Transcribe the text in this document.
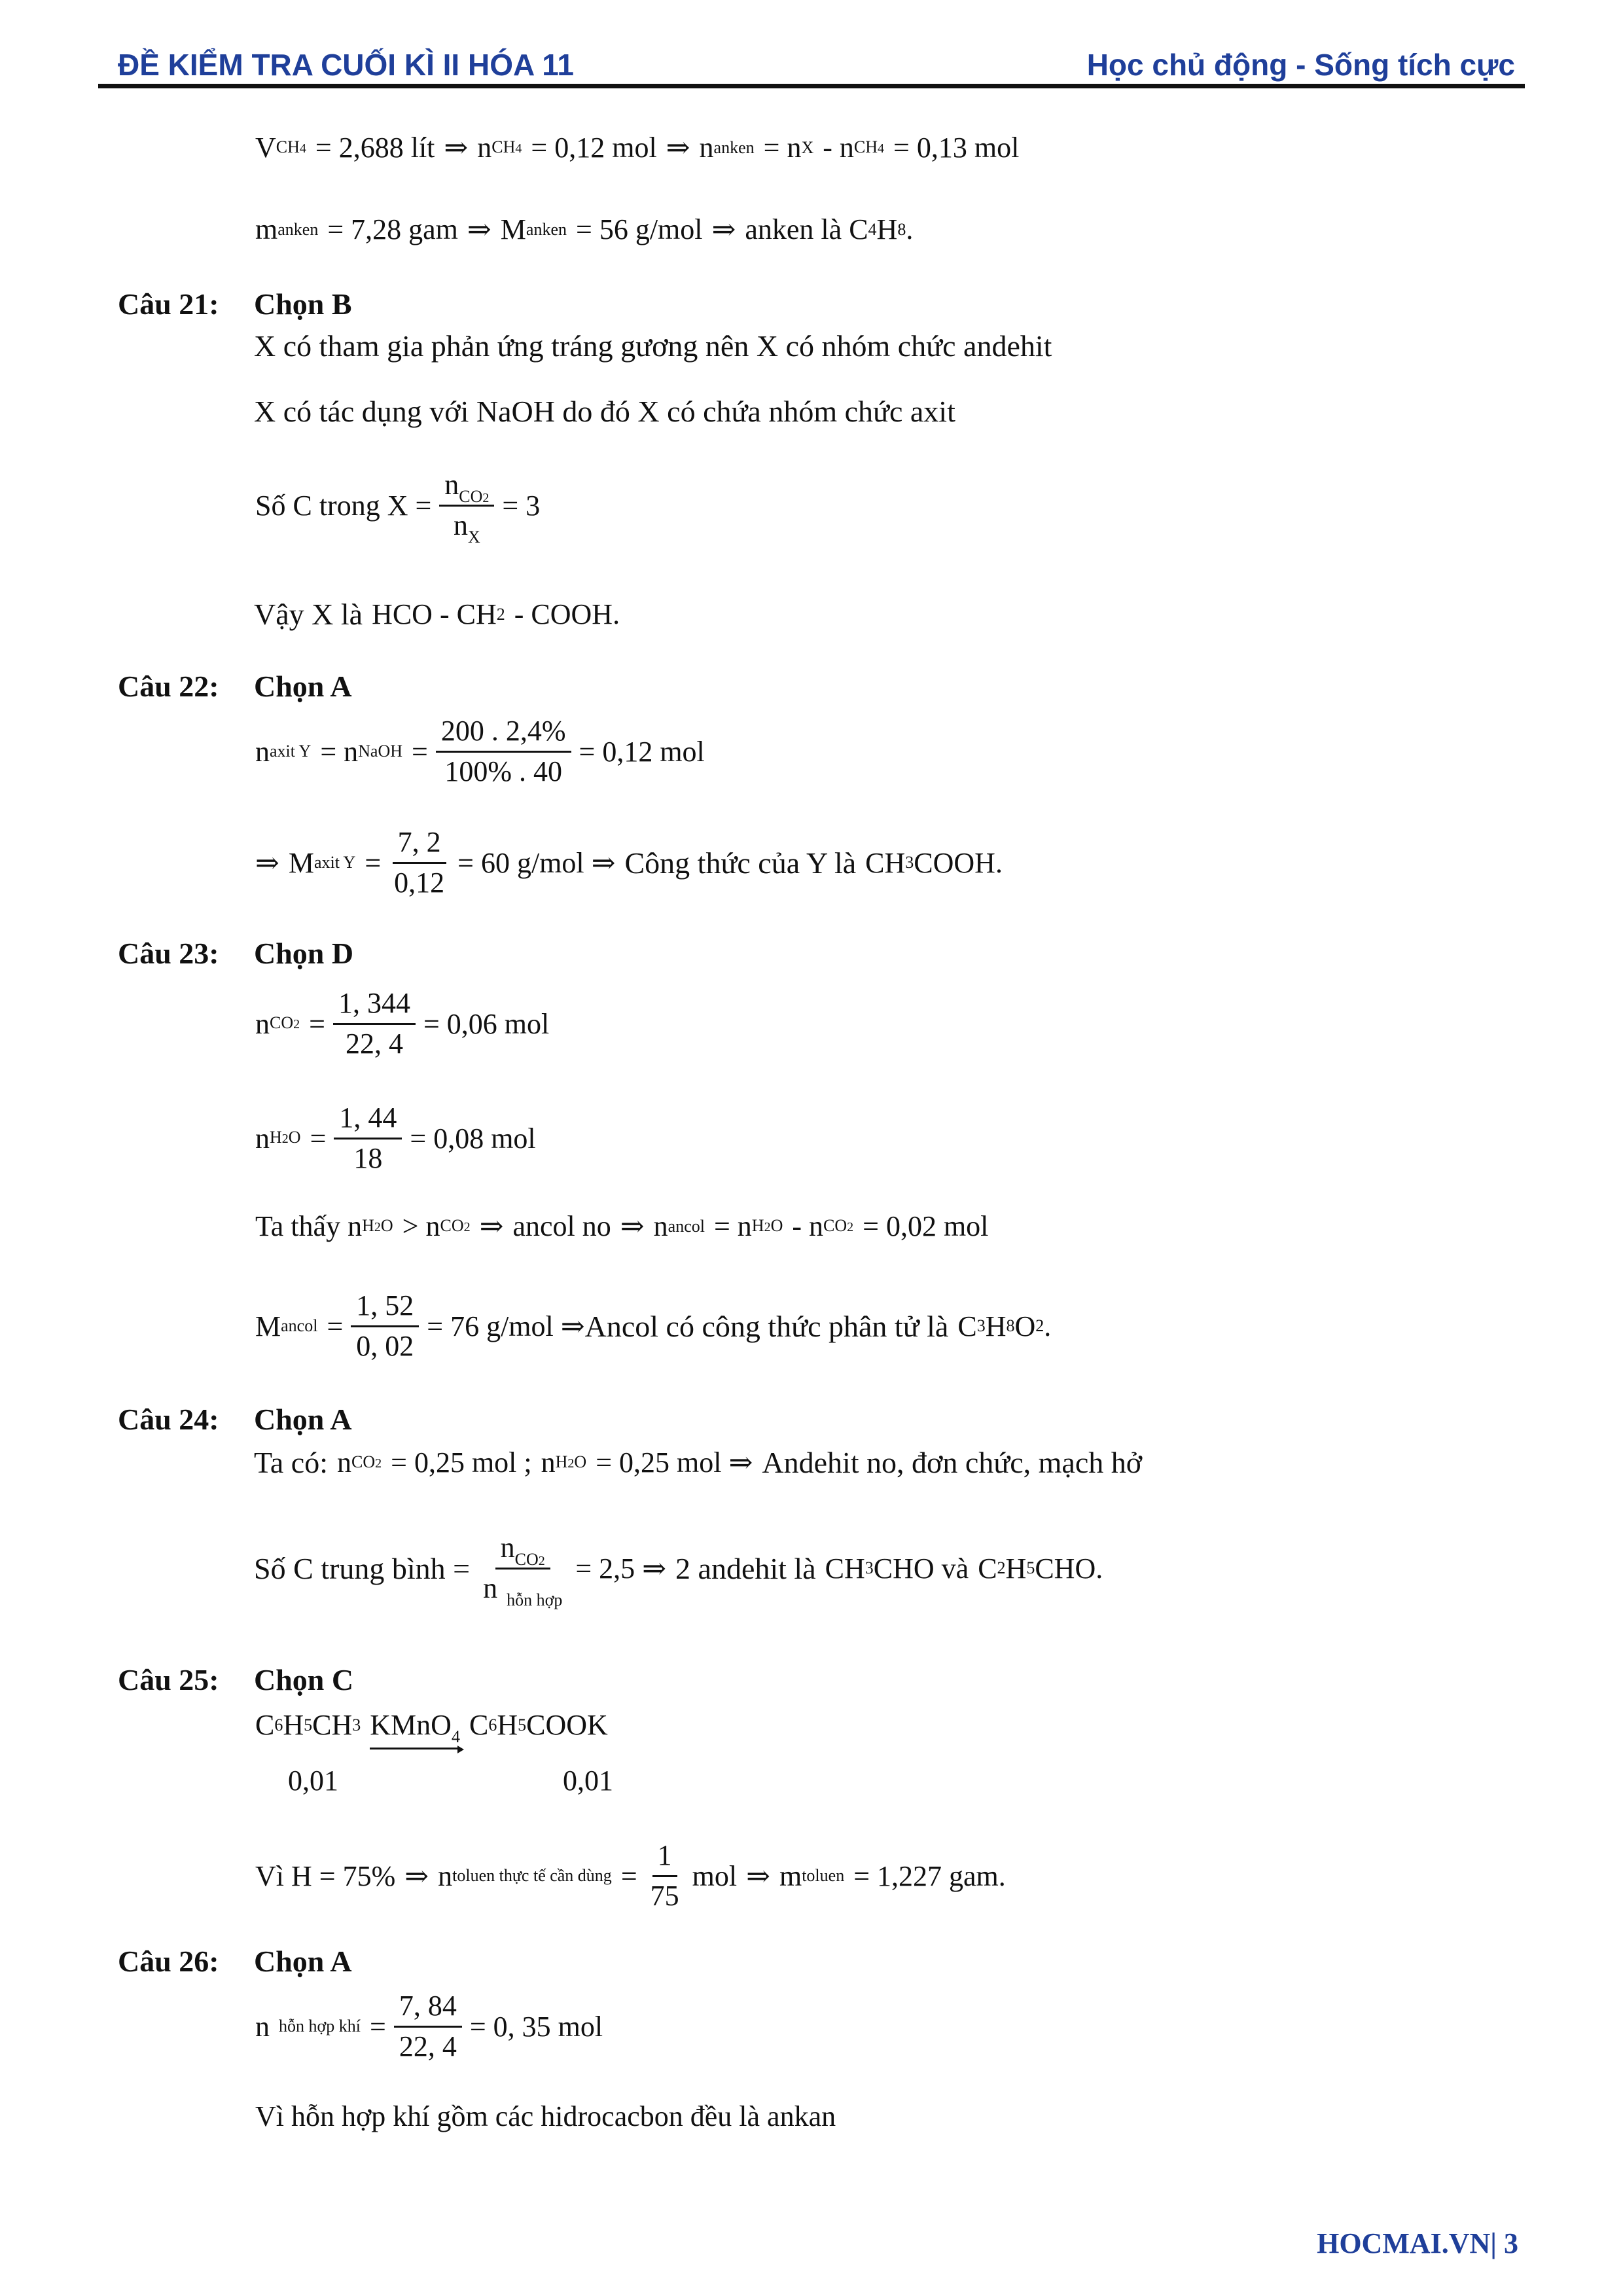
ĐỀ KIỂM TRA CUỐI KÌ II HÓA 11	Học chủ động - Sống tích cực
V CH4 = 2,688 lít ⇒ n CH4 = 0,12 mol ⇒ n anken = n X - n CH4 = 0,13 mol
m anken = 7,28 gam ⇒ M anken = 56 g/mol ⇒ anken là C 4 H 8 .
Câu 21: Chọn B
X có tham gia phản ứng tráng gương nên X có nhóm chức andehit
X có tác dụng với NaOH do đó X có chứa nhóm chức axit
Số C trong $X = \frac{n_{CO2}}{n_X} = 3$
Vậy X là HCO - CH 2 - COOH.
Câu 22: Chọn A
n axit Y = n NaOH = $\frac{200 . 2,4\%}{100\% . 40} = 0,12$ mol
⇒ M axit $Y = \frac{7, 2}{0,12} = 60$ g/mol ⇒ Công thức của Y là CH 3 COOH.
Câu 23: Chọn D
n $CO2 = \frac{1, 344}{22, 4} = 0,06$ mol
n $H2O = \frac{1, 44}{18} = 0,08$ mol
Ta thấy n H2O > n CO2 ⇒ ancol no ⇒ n ancol = n H2O - n CO2 = 0,02 mol
M ancol = $\frac{1, 52}{0, 02} = 76$ g/mol ⇒ Ancol có công thức phân tử là C 3 H 8 O 2 .
Câu 24: Chọn A
Ta có: n CO2 = 0,25 mol ; n H2O = 0,25 mol ⇒ Andehit no, đơn chức, mạch hở
Số C trung bình = $\frac{n_{CO2}}{n _{hỗn hợp}} = 2,5$ ⇒ 2 andehit là CH 3 CHO và C 2 H 5 CHO.
Câu 25: Chọn C
C 6 H 5 CH 3 KMnO$_4$ C 6 H 5 COOK
0,01	0,01
Vì H = 75% ⇒ n toluen thực tế cần dùng = $\frac{1}{75}$ mol ⇒ m toluen = 1,227 gam.
Câu 26: Chọn A
n hỗn hợp khí = $\frac{7, 84}{22, 4} = 0$, 35 mol
Vì hỗn hợp khí gồm các hidrocacbon đều là ankan
HOCMAI.VN| 3
